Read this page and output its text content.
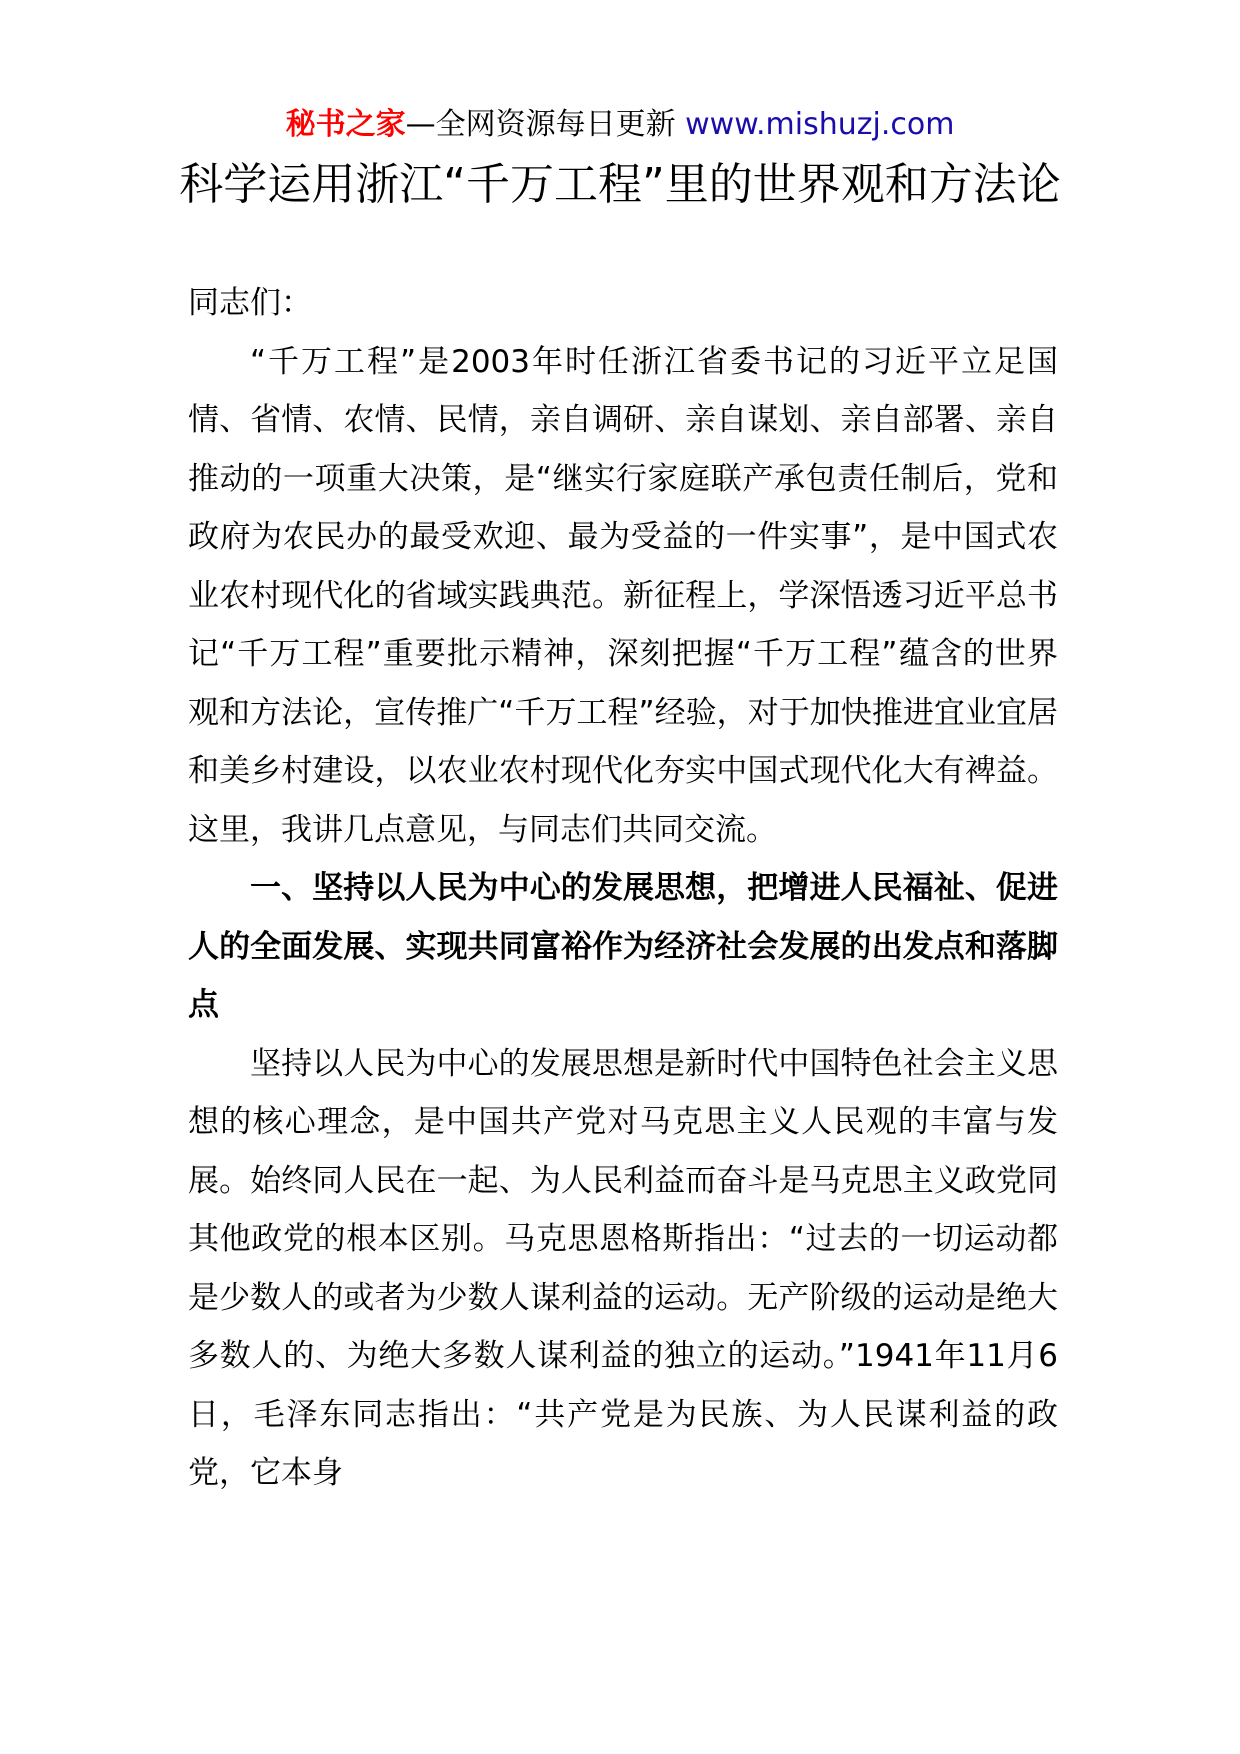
秘书之家—全网资源每日更新 www.mishuzj.com
科学运用浙江“千万工程”里的世界观和方法论

同志们：

“千万工程”是2003年时任浙江省委书记的习近平立足国情、省情、农情、民情，亲自调研、亲自谋划、亲自部署、亲自推动的一项重大决策，是“继实行家庭联产承包责任制后，党和政府为农民办的最受欢迎、最为受益的一件实事”，是中国式农业农村现代化的省域实践典范。新征程上，学深悟透习近平总书记“千万工程”重要批示精神，深刻把握“千万工程”蕴含的世界观和方法论，宣传推广“千万工程”经验，对于加快推进宜业宜居和美乡村建设，以农业农村现代化夯实中国式现代化大有裨益。这里，我讲几点意见，与同志们共同交流。

一、坚持以人民为中心的发展思想，把增进人民福祉、促进人的全面发展、实现共同富裕作为经济社会发展的出发点和落脚点

坚持以人民为中心的发展思想是新时代中国特色社会主义思想的核心理念，是中国共产党对马克思主义人民观的丰富与发展。始终同人民在一起、为人民利益而奋斗是马克思主义政党同其他政党的根本区别。马克思恩格斯指出：“过去的一切运动都是少数人的或者为少数人谋利益的运动。无产阶级的运动是绝大多数人的、为绝大多数人谋利益的独立的运动。”1941年11月6日，毛泽东同志指出：“共产党是为民族、为人民谋利益的政党，它本身
